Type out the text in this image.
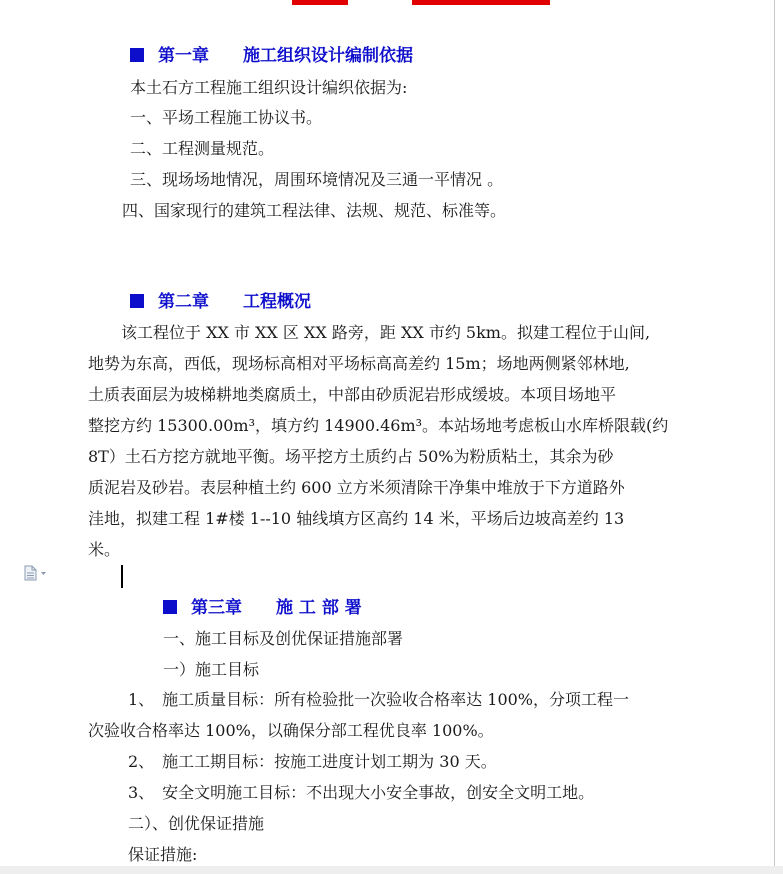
第一章　　施工组织设计编制依据
本土石方工程施工组织设计编织依据为:
一、平场工程施工协议书。
二、工程测量规范。
三、现场场地情况，周围环境情况及三通一平情况 。
四、国家现行的建筑工程法律、法规、规范、标准等。
第二章　　工程概况
该工程位于 XX 市 XX 区 XX 路旁，距 XX 市约 5km。拟建工程位于山间,
地势为东高，西低，现场标高相对平场标高高差约 15m；场地两侧紧邻林地,
土质表面层为坡梯耕地类腐质土，中部由砂质泥岩形成缓坡。本项目场地平
整挖方约 15300.00m³，填方约 14900.46m³。本站场地考虑板山水库桥限载(约
8T）土石方挖方就地平衡。场平挖方土质约占 50%为粉质粘土，其余为砂
质泥岩及砂岩。表层种植土约 600 立方米须清除干净集中堆放于下方道路外
洼地，拟建工程 1#楼 1--10 轴线填方区高约 14 米，平场后边坡高差约 13
米。
第三章　　施 工 部 署
一、施工目标及创优保证措施部署
一）施工目标
1、　施工质量目标：所有检验批一次验收合格率达 100%，分项工程一
次验收合格率达 100%，以确保分部工程优良率 100%。
2、　施工工期目标：按施工进度计划工期为 30 天。
3、　安全文明施工目标：不出现大小安全事故，创安全文明工地。
二）、创优保证措施
保证措施:
